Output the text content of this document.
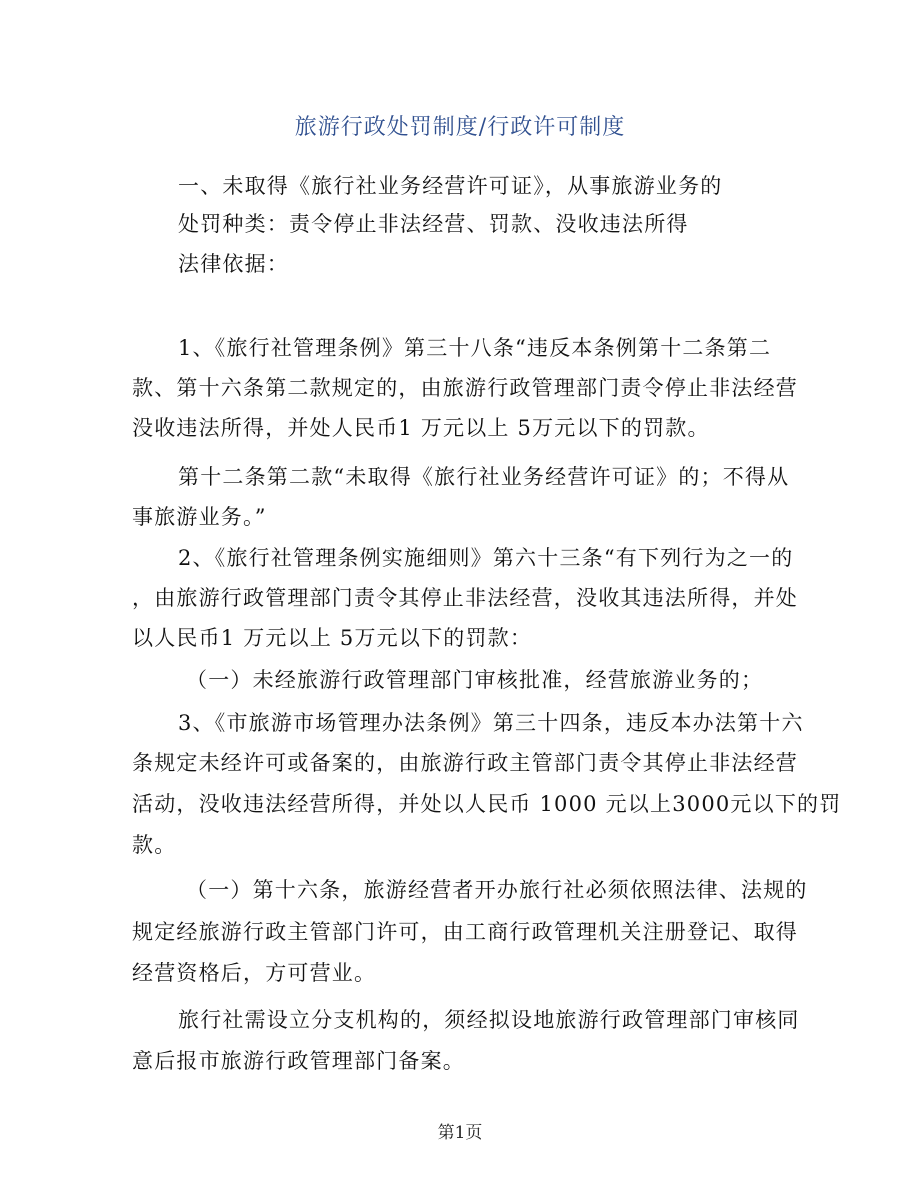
旅游行政处罚制度/行政许可制度
一、未取得《旅行社业务经营许可证》，从事旅游业务的
处罚种类：责令停止非法经营、罚款、没收违法所得
法律依据：
1、《旅行社管理条例》第三十八条“违反本条例第十二条第二
款、第十六条第二款规定的，由旅游行政管理部门责令停止非法经营
没收违法所得，并处人民币1 万元以上 5万元以下的罚款。
第十二条第二款“未取得《旅行社业务经营许可证》的；不得从
事旅游业务。”
2、《旅行社管理条例实施细则》第六十三条“有下列行为之一的
，由旅游行政管理部门责令其停止非法经营，没收其违法所得，并处
以人民币1 万元以上 5万元以下的罚款：
（一）未经旅游行政管理部门审核批准，经营旅游业务的；
3、《市旅游市场管理办法条例》第三十四条，违反本办法第十六
条规定未经许可或备案的，由旅游行政主管部门责令其停止非法经营
活动，没收违法经营所得，并处以人民币 1000 元以上3000元以下的罚
款。
（一）第十六条，旅游经营者开办旅行社必须依照法律、法规的
规定经旅游行政主管部门许可，由工商行政管理机关注册登记、取得
经营资格后，方可营业。
旅行社需设立分支机构的，须经拟设地旅游行政管理部门审核同
意后报市旅游行政管理部门备案。
第1页
